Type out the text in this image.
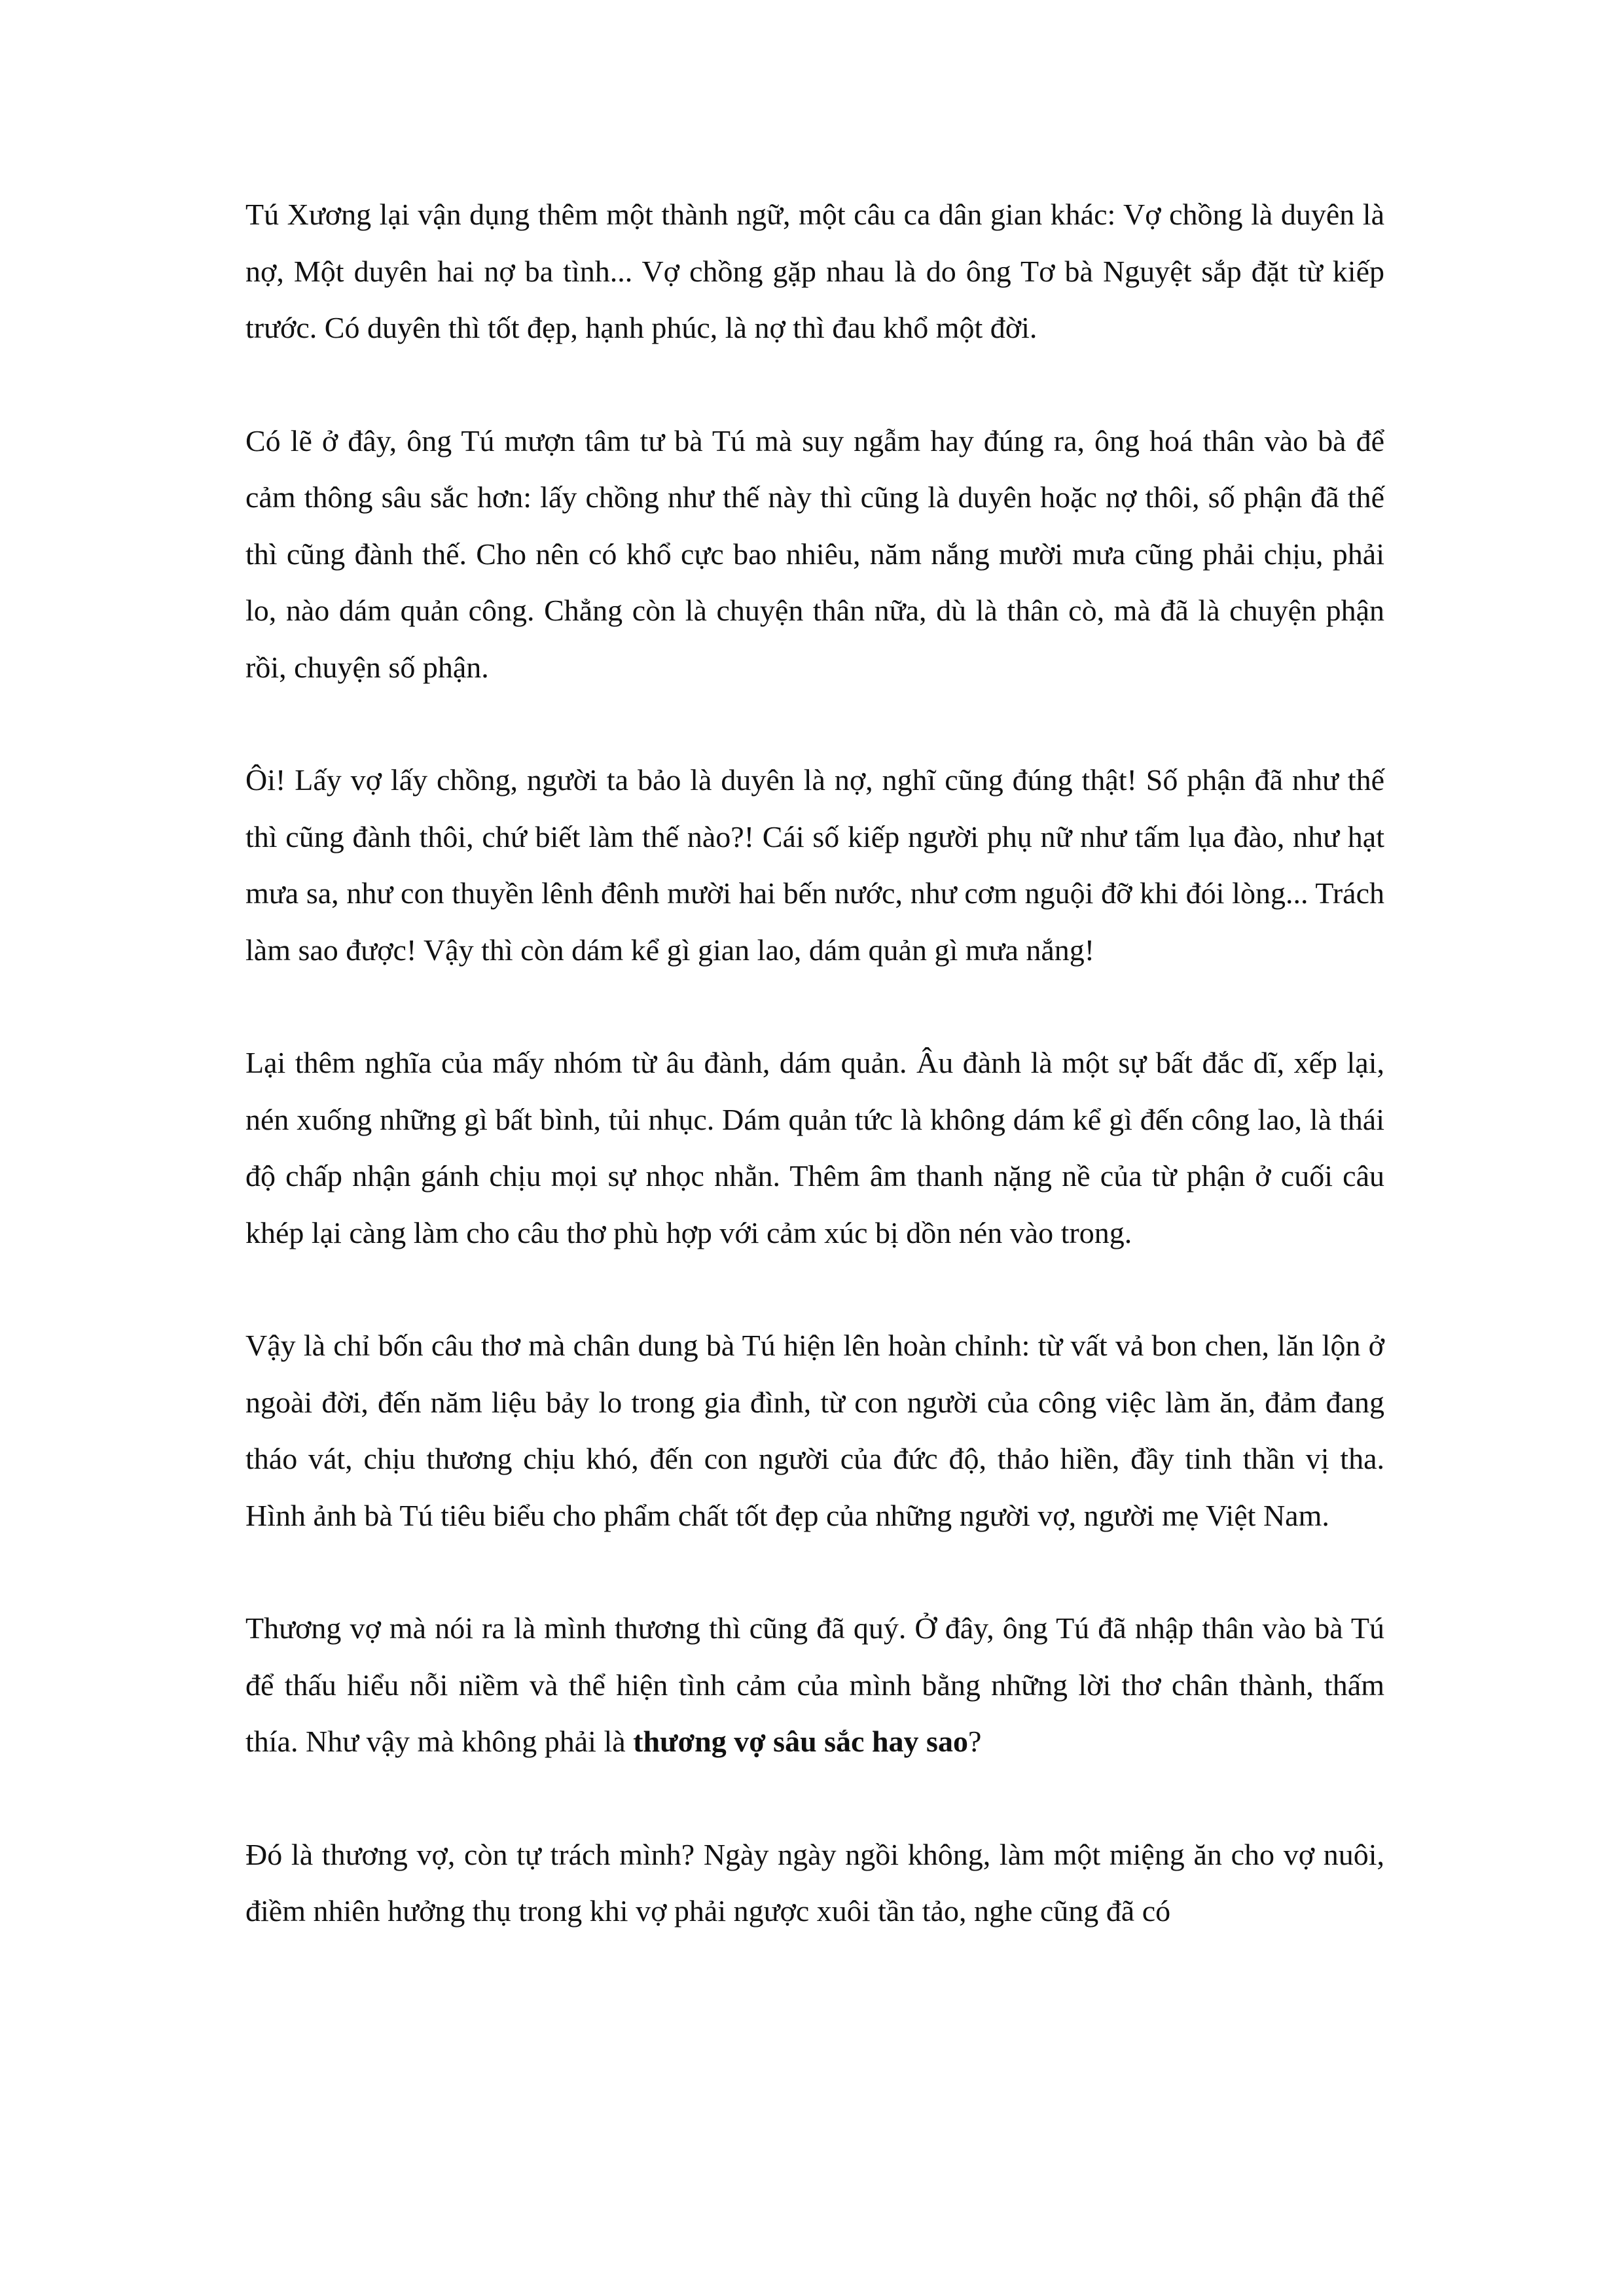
Tú Xương lại vận dụng thêm một thành ngữ, một câu ca dân gian khác: Vợ chồng là duyên là nợ, Một duyên hai nợ ba tình... Vợ chồng gặp nhau là do ông Tơ bà Nguyệt sắp đặt từ kiếp trước. Có duyên thì tốt đẹp, hạnh phúc, là nợ thì đau khổ một đời.

Có lẽ ở đây, ông Tú mượn tâm tư bà Tú mà suy ngẫm hay đúng ra, ông hoá thân vào bà để cảm thông sâu sắc hơn: lấy chồng như thế này thì cũng là duyên hoặc nợ thôi, số phận đã thế thì cũng đành thế. Cho nên có khổ cực bao nhiêu, năm nắng mười mưa cũng phải chịu, phải lo, nào dám quản công. Chẳng còn là chuyện thân nữa, dù là thân cò, mà đã là chuyện phận rồi, chuyện số phận.

Ôi! Lấy vợ lấy chồng, người ta bảo là duyên là nợ, nghĩ cũng đúng thật! Số phận đã như thế thì cũng đành thôi, chứ biết làm thế nào?! Cái số kiếp người phụ nữ như tấm lụa đào, như hạt mưa sa, như con thuyền lênh đênh mười hai bến nước, như cơm nguội đỡ khi đói lòng... Trách làm sao được! Vậy thì còn dám kể gì gian lao, dám quản gì mưa nắng!

Lại thêm nghĩa của mấy nhóm từ âu đành, dám quản. Âu đành là một sự bất đắc dĩ, xếp lại, nén xuống những gì bất bình, tủi nhục. Dám quản tức là không dám kể gì đến công lao, là thái độ chấp nhận gánh chịu mọi sự nhọc nhằn. Thêm âm thanh nặng nề của từ phận ở cuối câu khép lại càng làm cho câu thơ phù hợp với cảm xúc bị dồn nén vào trong.

Vậy là chỉ bốn câu thơ mà chân dung bà Tú hiện lên hoàn chỉnh: từ vất vả bon chen, lăn lộn ở ngoài đời, đến năm liệu bảy lo trong gia đình, từ con người của công việc làm ăn, đảm đang tháo vát, chịu thương chịu khó, đến con người của đức độ, thảo hiền, đầy tinh thần vị tha. Hình ảnh bà Tú tiêu biểu cho phẩm chất tốt đẹp của những người vợ, người mẹ Việt Nam.

Thương vợ mà nói ra là mình thương thì cũng đã quý. Ở đây, ông Tú đã nhập thân vào bà Tú để thấu hiểu nỗi niềm và thể hiện tình cảm của mình bằng những lời thơ chân thành, thấm thía. Như vậy mà không phải là thương vợ sâu sắc hay sao?

Đó là thương vợ, còn tự trách mình? Ngày ngày ngồi không, làm một miệng ăn cho vợ nuôi, điềm nhiên hưởng thụ trong khi vợ phải ngược xuôi tần tảo, nghe cũng đã có
